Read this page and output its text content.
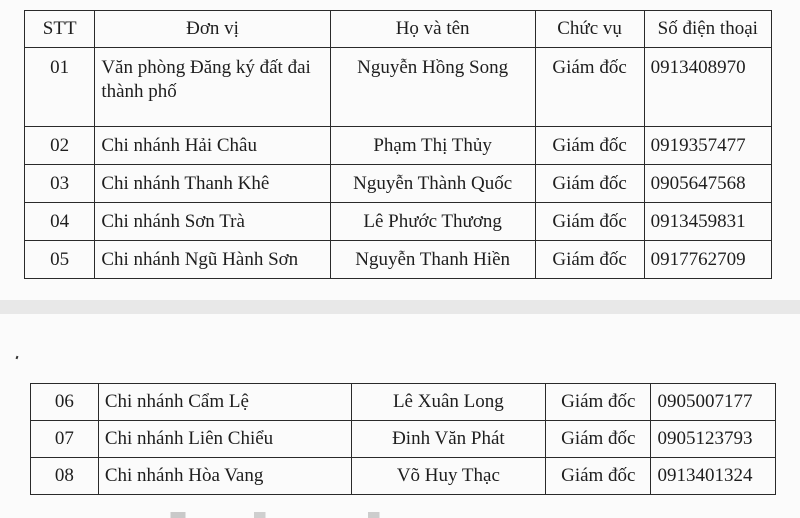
STT	Đơn vị	Họ và tên	Chức vụ	Số điện thoại
01	Văn phòng Đăng ký đất đai thành phố	Nguyễn Hồng Song	Giám đốc	0913408970
02	Chi nhánh Hải Châu	Phạm Thị Thủy	Giám đốc	0919357477
03	Chi nhánh Thanh Khê	Nguyễn Thành Quốc	Giám đốc	0905647568
04	Chi nhánh Sơn Trà	Lê Phước Thương	Giám đốc	0913459831
05	Chi nhánh Ngũ Hành Sơn	Nguyễn Thanh Hiền	Giám đốc	0917762709
06	Chi nhánh Cẩm Lệ	Lê Xuân Long	Giám đốc	0905007177
07	Chi nhánh Liên Chiểu	Đinh Văn Phát	Giám đốc	0905123793
08	Chi nhánh Hòa Vang	Võ Huy Thạc	Giám đốc	0913401324
